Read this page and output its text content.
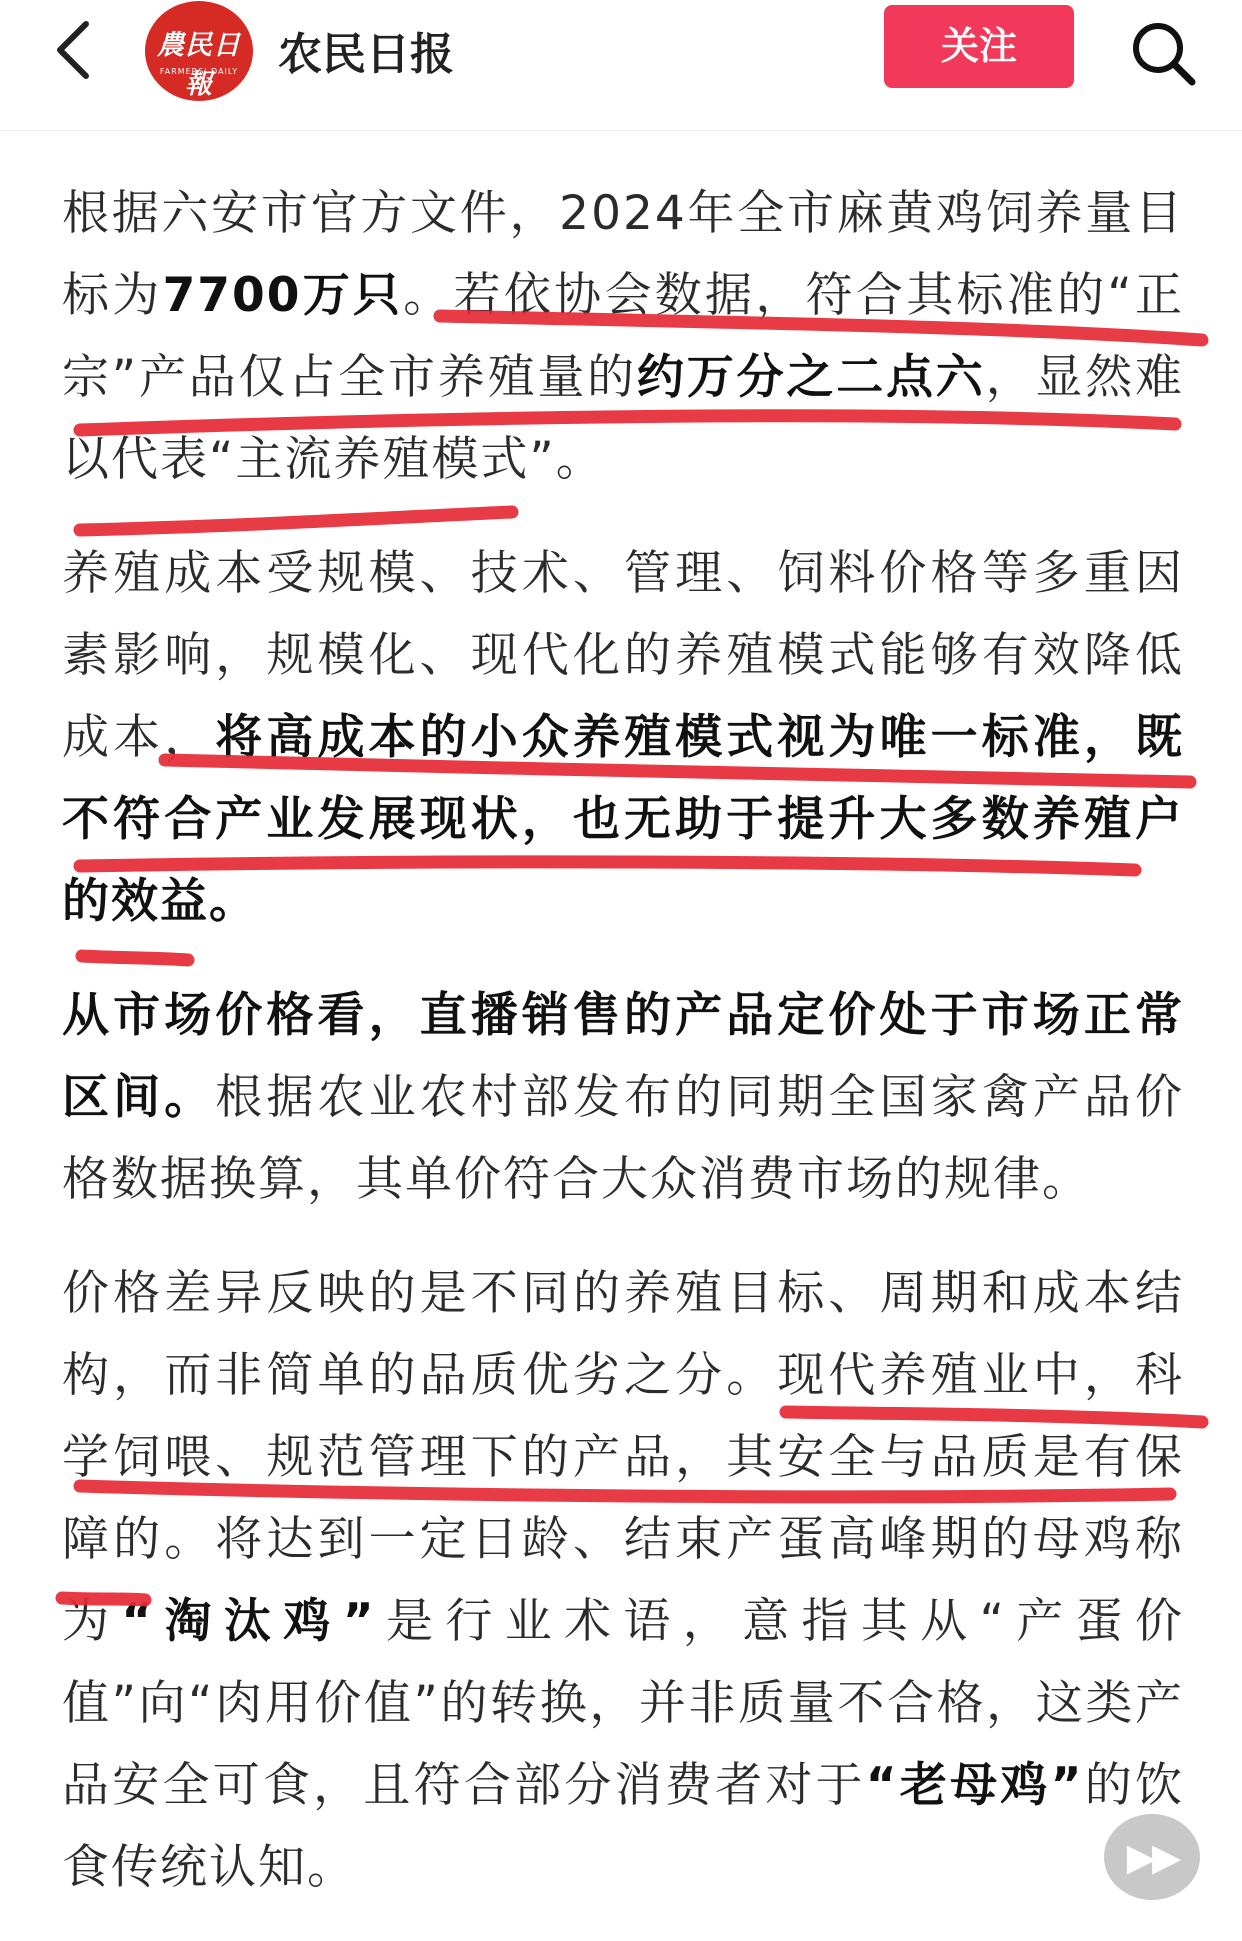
農民日報
FARMERS' DAILY 农民日报	关注

根据六安市官方文件，2024年全市麻黄鸡饲养量目标为7700万只。若依协会数据，符合其标准的“正宗”产品仅占全市养殖量的约万分之二点六，显然难以代表“主流养殖模式”。

养殖成本受规模、技术、管理、饲料价格等多重因素影响，规模化、现代化的养殖模式能够有效降低成本，将高成本的小众养殖模式视为唯一标准，既不符合产业发展现状，也无助于提升大多数养殖户的效益。

从市场价格看，直播销售的产品定价处于市场正常区间。根据农业农村部发布的同期全国家禽产品价格数据换算，其单价符合大众消费市场的规律。

价格差异反映的是不同的养殖目标、周期和成本结构，而非简单的品质优劣之分。现代养殖业中，科学饲喂、规范管理下的产品，其安全与品质是有保障的。将达到一定日龄、结束产蛋高峰期的母鸡称为“淘汰鸡”是行业术语，意指其从“产蛋价值”向“肉用价值”的转换，并非质量不合格，这类产品安全可食，且符合部分消费者对于“老母鸡”的饮食传统认知。	▶▶
